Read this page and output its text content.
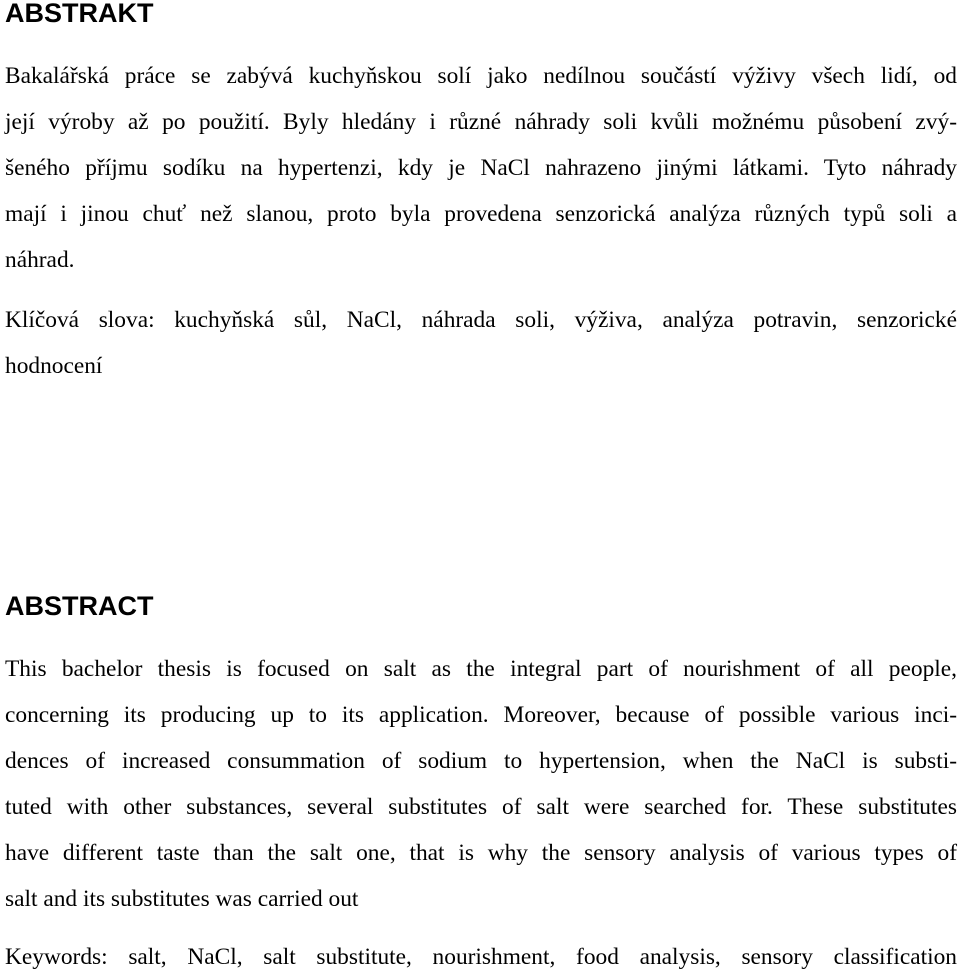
ABSTRAKT
Bakalářská práce se zabývá kuchyňskou solí jako nedílnou součástí výživy všech lidí, od
její výroby až po použití. Byly hledány i různé náhrady soli kvůli možnému působení zvý-
šeného příjmu sodíku na hypertenzi, kdy je NaCl nahrazeno jinými látkami. Tyto náhrady
mají i jinou chuť než slanou, proto byla provedena senzorická analýza různých typů soli a
náhrad.
Klíčová slova: kuchyňská sůl, NaCl, náhrada soli, výživa, analýza potravin, senzorické
hodnocení
ABSTRACT
This bachelor thesis is focused on salt as the integral part of nourishment of all people,
concerning its producing up to its application. Moreover, because of possible various inci-
dences of increased consummation of sodium to hypertension, when the NaCl is substi-
tuted with other substances, several substitutes of salt were searched for. These substitutes
have different taste than the salt one, that is why the sensory analysis of various types of
salt and its substitutes was carried out
Keywords: salt, NaCl, salt substitute, nourishment, food analysis, sensory classification
